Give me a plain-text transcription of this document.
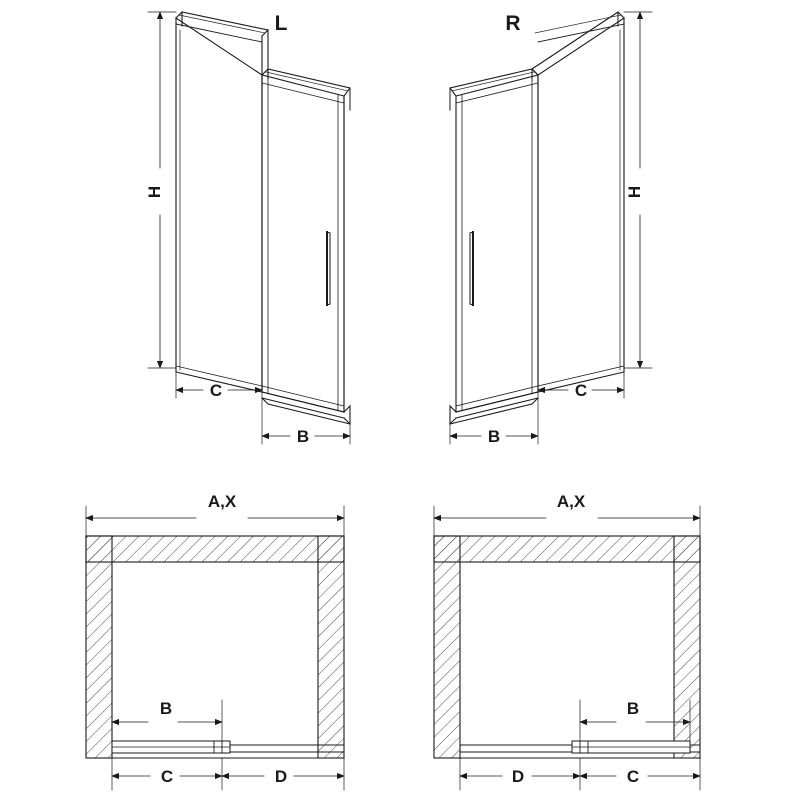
L	R
H	H
C
B
C
B
A,X
B
C	D
A,X
B
D	C
